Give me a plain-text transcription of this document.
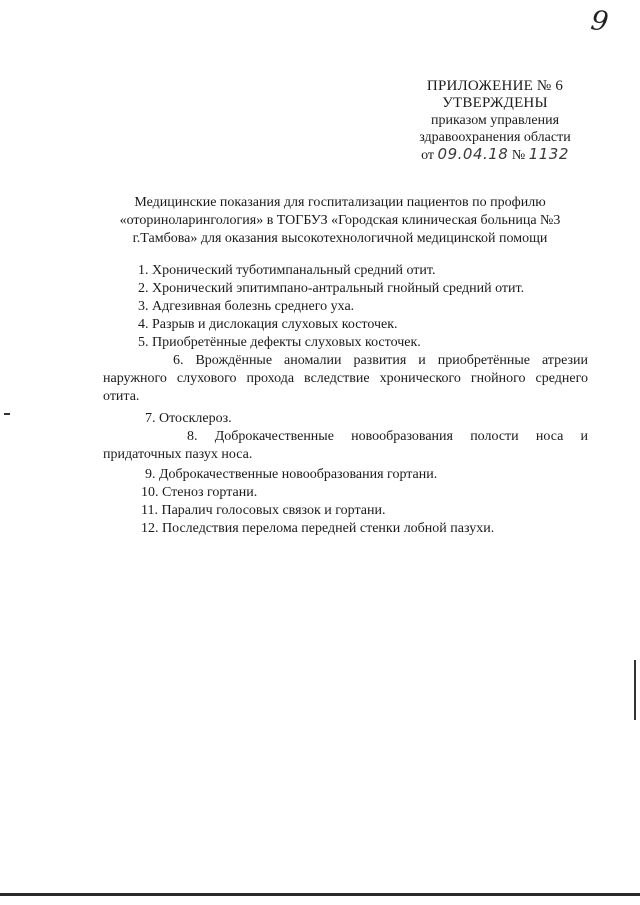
9
ПРИЛОЖЕНИЕ № 6
УТВЕРЖДЕНЫ
приказом управления
здравоохранения области
от 09.04.18 № 1132
Медицинские показания для госпитализации пациентов по профилю
«оториноларингология» в ТОГБУЗ «Городская клиническая больница №3
г.Тамбова» для оказания высокотехнологичной медицинской помощи
1. Хронический туботимпанальный средний отит.
2. Хронический эпитимпано-антральный гнойный средний отит.
3. Адгезивная болезнь среднего уха.
4. Разрыв и дислокация слуховых косточек.
5. Приобретённые дефекты слуховых косточек.
6. Врождённые аномалии развития и приобретённые атрезии наружного слухового прохода вследствие хронического гнойного среднего отита.
7. Отосклероз.
8. Доброкачественные новообразования полости носа и придаточных пазух носа.
9. Доброкачественные новообразования гортани.
10. Стеноз гортани.
11. Паралич голосовых связок и гортани.
12. Последствия перелома передней стенки лобной пазухи.
